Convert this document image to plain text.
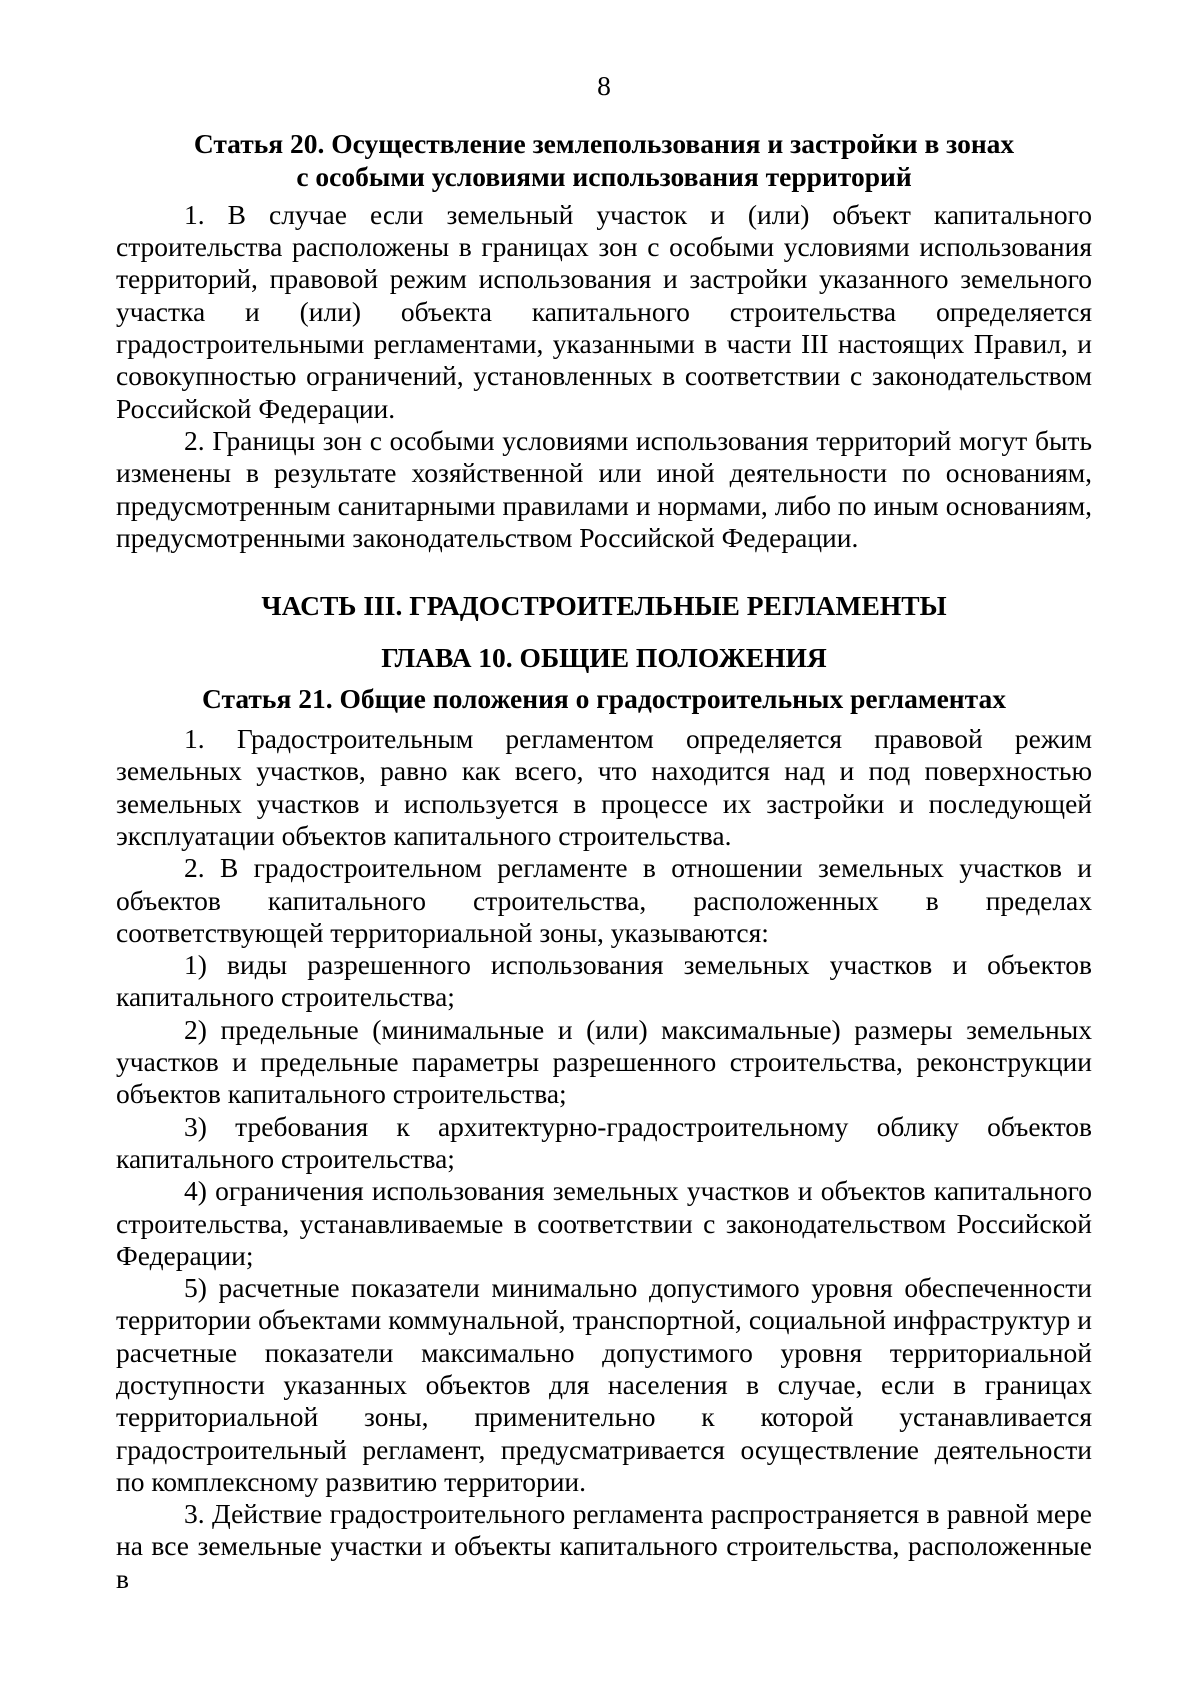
8
Статья 20. Осуществление землепользования и застройки в зонах
с особыми условиями использования территорий

1. В случае если земельный участок и (или) объект капитального строительства расположены в границах зон с особыми условиями использования территорий, правовой режим использования и застройки указанного земельного участка и (или) объекта капитального строительства определяется градостроительными регламентами, указанными в части III настоящих Правил, и совокупностью ограничений, установленных в соответствии с законодательством Российской Федерации.

2. Границы зон с особыми условиями использования территорий могут быть изменены в результате хозяйственной или иной деятельности по основаниям, предусмотренным санитарными правилами и нормами, либо по иным основаниям, предусмотренными законодательством Российской Федерации.

ЧАСТЬ III. ГРАДОСТРОИТЕЛЬНЫЕ РЕГЛАМЕНТЫ
ГЛАВА 10. ОБЩИЕ ПОЛОЖЕНИЯ
Статья 21. Общие положения о градостроительных регламентах

1. Градостроительным регламентом определяется правовой режим земельных участков, равно как всего, что находится над и под поверхностью земельных участков и используется в процессе их застройки и последующей эксплуатации объектов капитального строительства.

2. В градостроительном регламенте в отношении земельных участков и объектов капитального строительства, расположенных в пределах соответствующей территориальной зоны, указываются:

1) виды разрешенного использования земельных участков и объектов капитального строительства;

2) предельные (минимальные и (или) максимальные) размеры земельных участков и предельные параметры разрешенного строительства, реконструкции объектов капитального строительства;

3) требования к архитектурно-градостроительному облику объектов капитального строительства;

4) ограничения использования земельных участков и объектов капитального строительства, устанавливаемые в соответствии с законодательством Российской Федерации;

5) расчетные показатели минимально допустимого уровня обеспеченности территории объектами коммунальной, транспортной, социальной инфраструктур и расчетные показатели максимально допустимого уровня территориальной доступности указанных объектов для населения в случае, если в границах территориальной зоны, применительно к которой устанавливается градостроительный регламент, предусматривается осуществление деятельности по комплексному развитию территории.

3. Действие градостроительного регламента распространяется в равной мере на все земельные участки и объекты капитального строительства, расположенные в
